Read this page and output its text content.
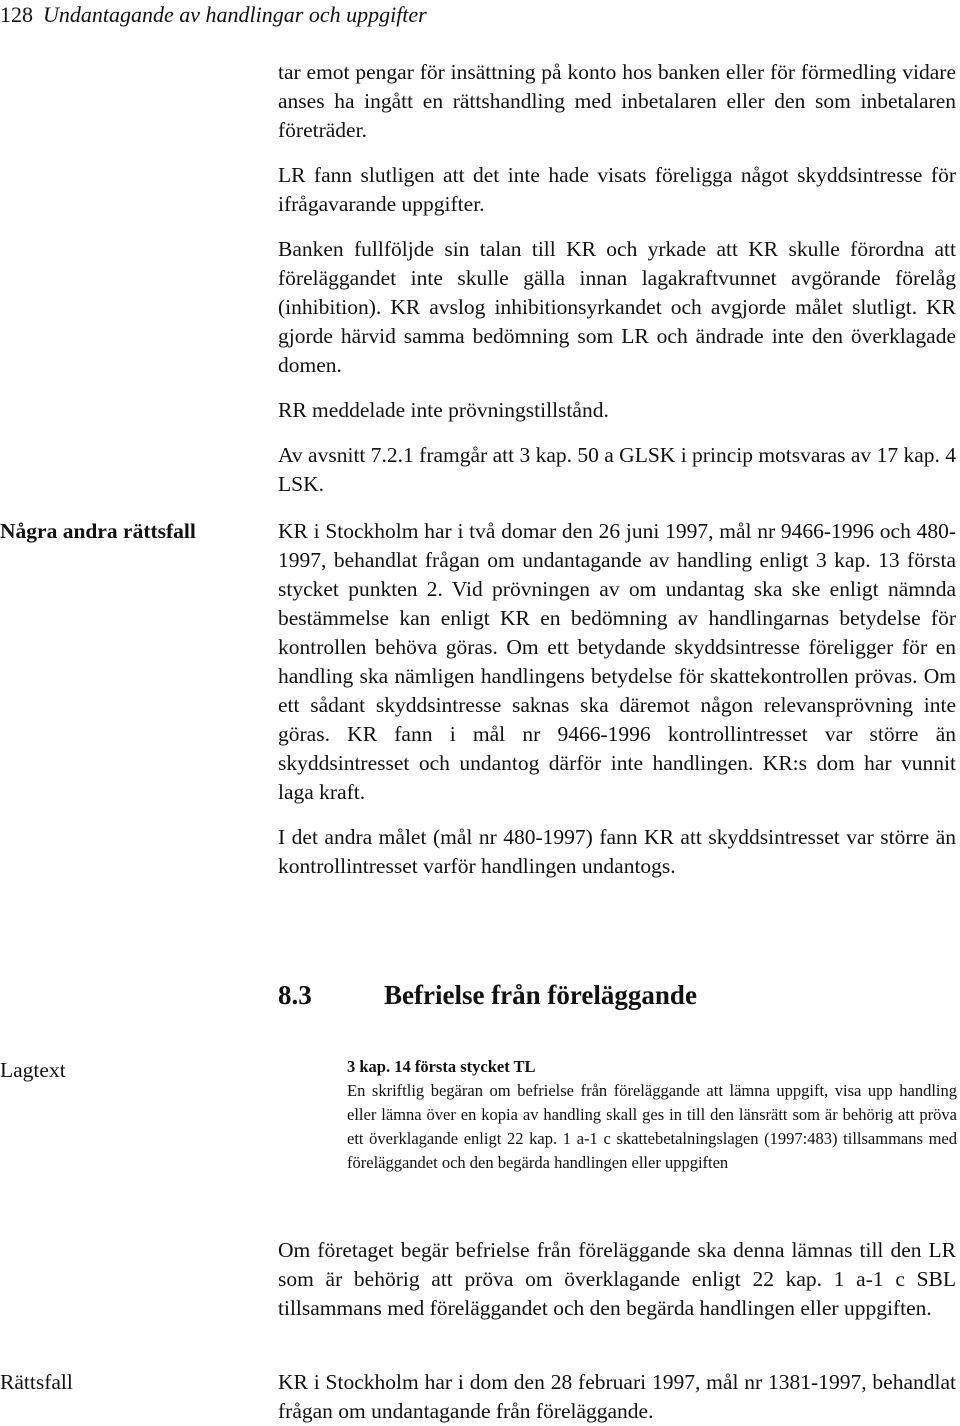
128 Undantagande av handlingar och uppgifter

tar emot pengar för insättning på konto hos banken eller för förmedling vidare anses ha ingått en rättshandling med inbetalaren eller den som inbetalaren företräder.

LR fann slutligen att det inte hade visats föreligga något skyddsintresse för ifrågavarande uppgifter.

Banken fullföljde sin talan till KR och yrkade att KR skulle förordna att föreläggandet inte skulle gälla innan lagakraftvunnet avgörande förelåg (inhibition). KR avslog inhibitionsyrkandet och avgjorde målet slutligt. KR gjorde härvid samma bedömning som LR och ändrade inte den överklagade domen.

RR meddelade inte prövningstillstånd.

Av avsnitt 7.2.1 framgår att 3 kap. 50 a GLSK i princip motsvaras av 17 kap. 4 LSK.

Några andra rättsfall	KR i Stockholm har i två domar den 26 juni 1997, mål nr 9466-1996 och 480-1997, behandlat frågan om undantagande av handling enligt 3 kap. 13 första stycket punkten 2. Vid prövningen av om undantag ska ske enligt nämnda bestämmelse kan enligt KR en bedömning av handlingarnas betydelse för kontrollen behöva göras. Om ett betydande skyddsintresse föreligger för en handling ska nämligen handlingens betydelse för skattekontrollen prövas. Om ett sådant skyddsintresse saknas ska däremot någon relevansprövning inte göras. KR fann i mål nr 9466-1996 kontrollintresset var större än skyddsintresset och undantog därför inte handlingen. KR:s dom har vunnit laga kraft.

I det andra målet (mål nr 480-1997) fann KR att skyddsintresset var större än kontrollintresset varför handlingen undantogs.

8.3	Befrielse från föreläggande
Lagtext	3 kap. 14 första stycket TL

En skriftlig begäran om befrielse från föreläggande att lämna uppgift, visa upp handling eller lämna över en kopia av handling skall ges in till den länsrätt som är behörig att pröva ett överklagande enligt 22 kap. 1 a-1 c skattebetalningslagen (1997:483) tillsammans med föreläggandet och den begärda handlingen eller uppgiften

Om företaget begär befrielse från föreläggande ska denna lämnas till den LR som är behörig att pröva om överklagande enligt 22 kap. 1 a-1 c SBL tillsammans med föreläggandet och den begärda handlingen eller uppgiften.

Rättsfall	KR i Stockholm har i dom den 28 februari 1997, mål nr 1381-1997, behandlat frågan om undantagande från föreläggande.
